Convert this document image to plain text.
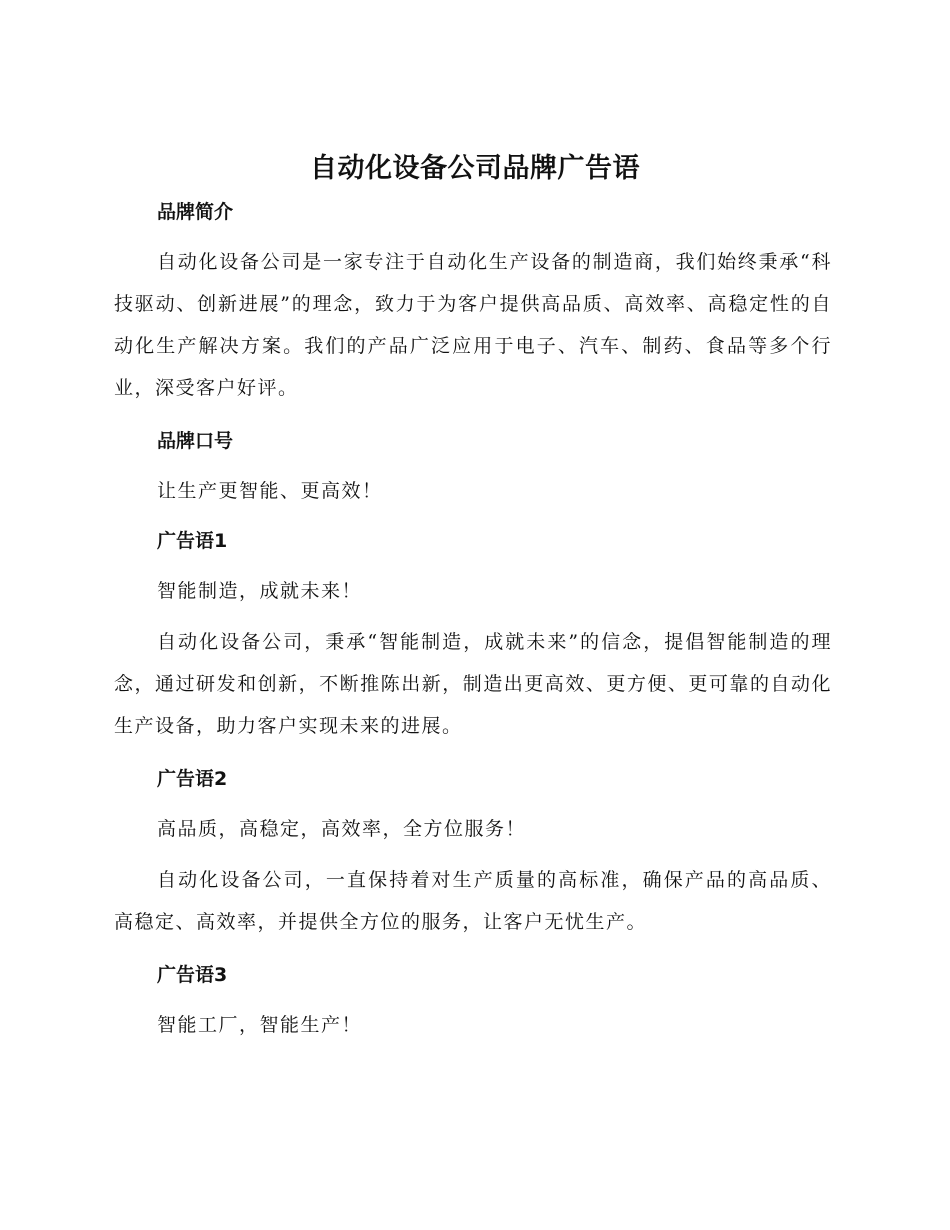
自动化设备公司品牌广告语
品牌简介

自动化设备公司是一家专注于自动化生产设备的制造商，我们始终秉承“科技驱动、创新进展”的理念，致力于为客户提供高品质、高效率、高稳定性的自动化生产解决方案。我们的产品广泛应用于电子、汽车、制药、食品等多个行业，深受客户好评。

品牌口号

让生产更智能、更高效！

广告语1

智能制造，成就未来！

自动化设备公司，秉承“智能制造，成就未来”的信念，提倡智能制造的理念，通过研发和创新，不断推陈出新，制造出更高效、更方便、更可靠的自动化生产设备，助力客户实现未来的进展。

广告语2

高品质，高稳定，高效率，全方位服务！

自动化设备公司，一直保持着对生产质量的高标准，确保产品的高品质、高稳定、高效率，并提供全方位的服务，让客户无忧生产。

广告语3

智能工厂，智能生产！
